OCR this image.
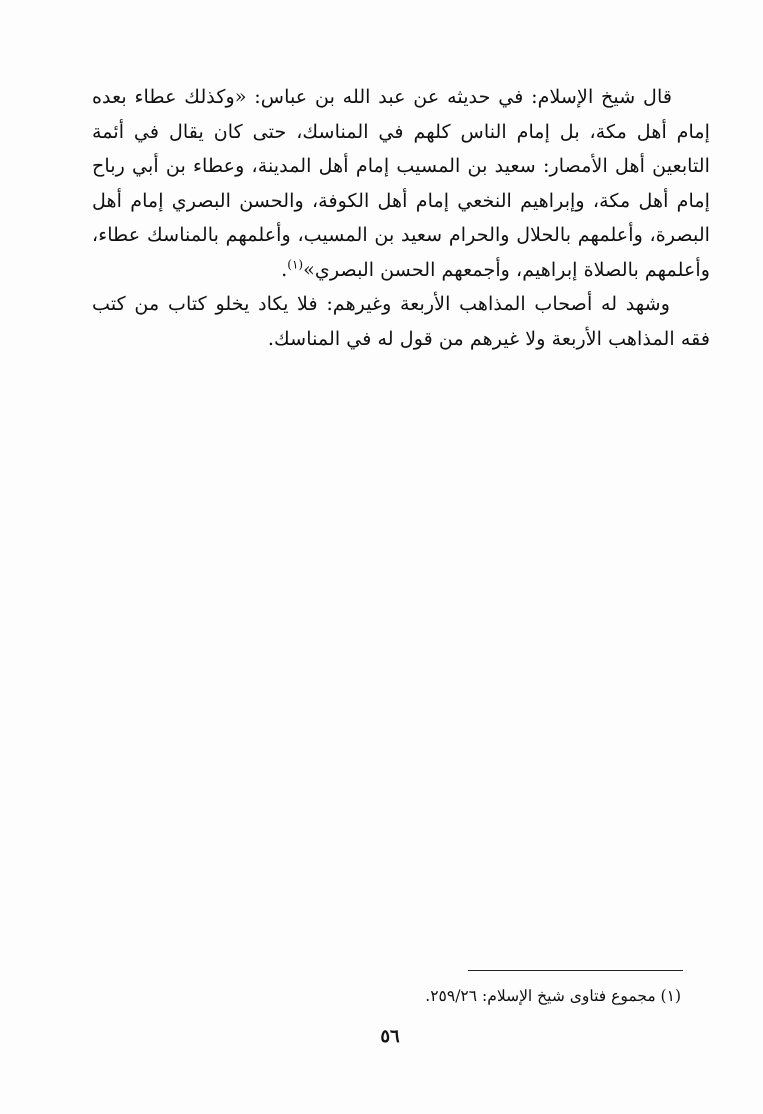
قال شيخ الإسلام: في حديثه عن عبد الله بن عباس: «وكذلك عطاء بعده إمام أهل مكة، بل إمام الناس كلهم في المناسك، حتى كان يقال في أئمة التابعين أهل الأمصار: سعيد بن المسيب إمام أهل المدينة، وعطاء بن أبي رباح إمام أهل مكة، وإبراهيم النخعي إمام أهل الكوفة، والحسن البصري إمام أهل البصرة، وأعلمهم بالحلال والحرام سعيد بن المسيب، وأعلمهم بالمناسك عطاء، وأعلمهم بالصلاة إبراهيم، وأجمعهم الحسن البصري»$^{(١)}$.

وشهد له أصحاب المذاهب الأربعة وغيرهم: فلا يكاد يخلو كتاب من كتب فقه المذاهب الأربعة ولا غيرهم من قول له في المناسك.

(١) مجموع فتاوى شيخ الإسلام: ٢٥٩/٢٦.
٥٦
